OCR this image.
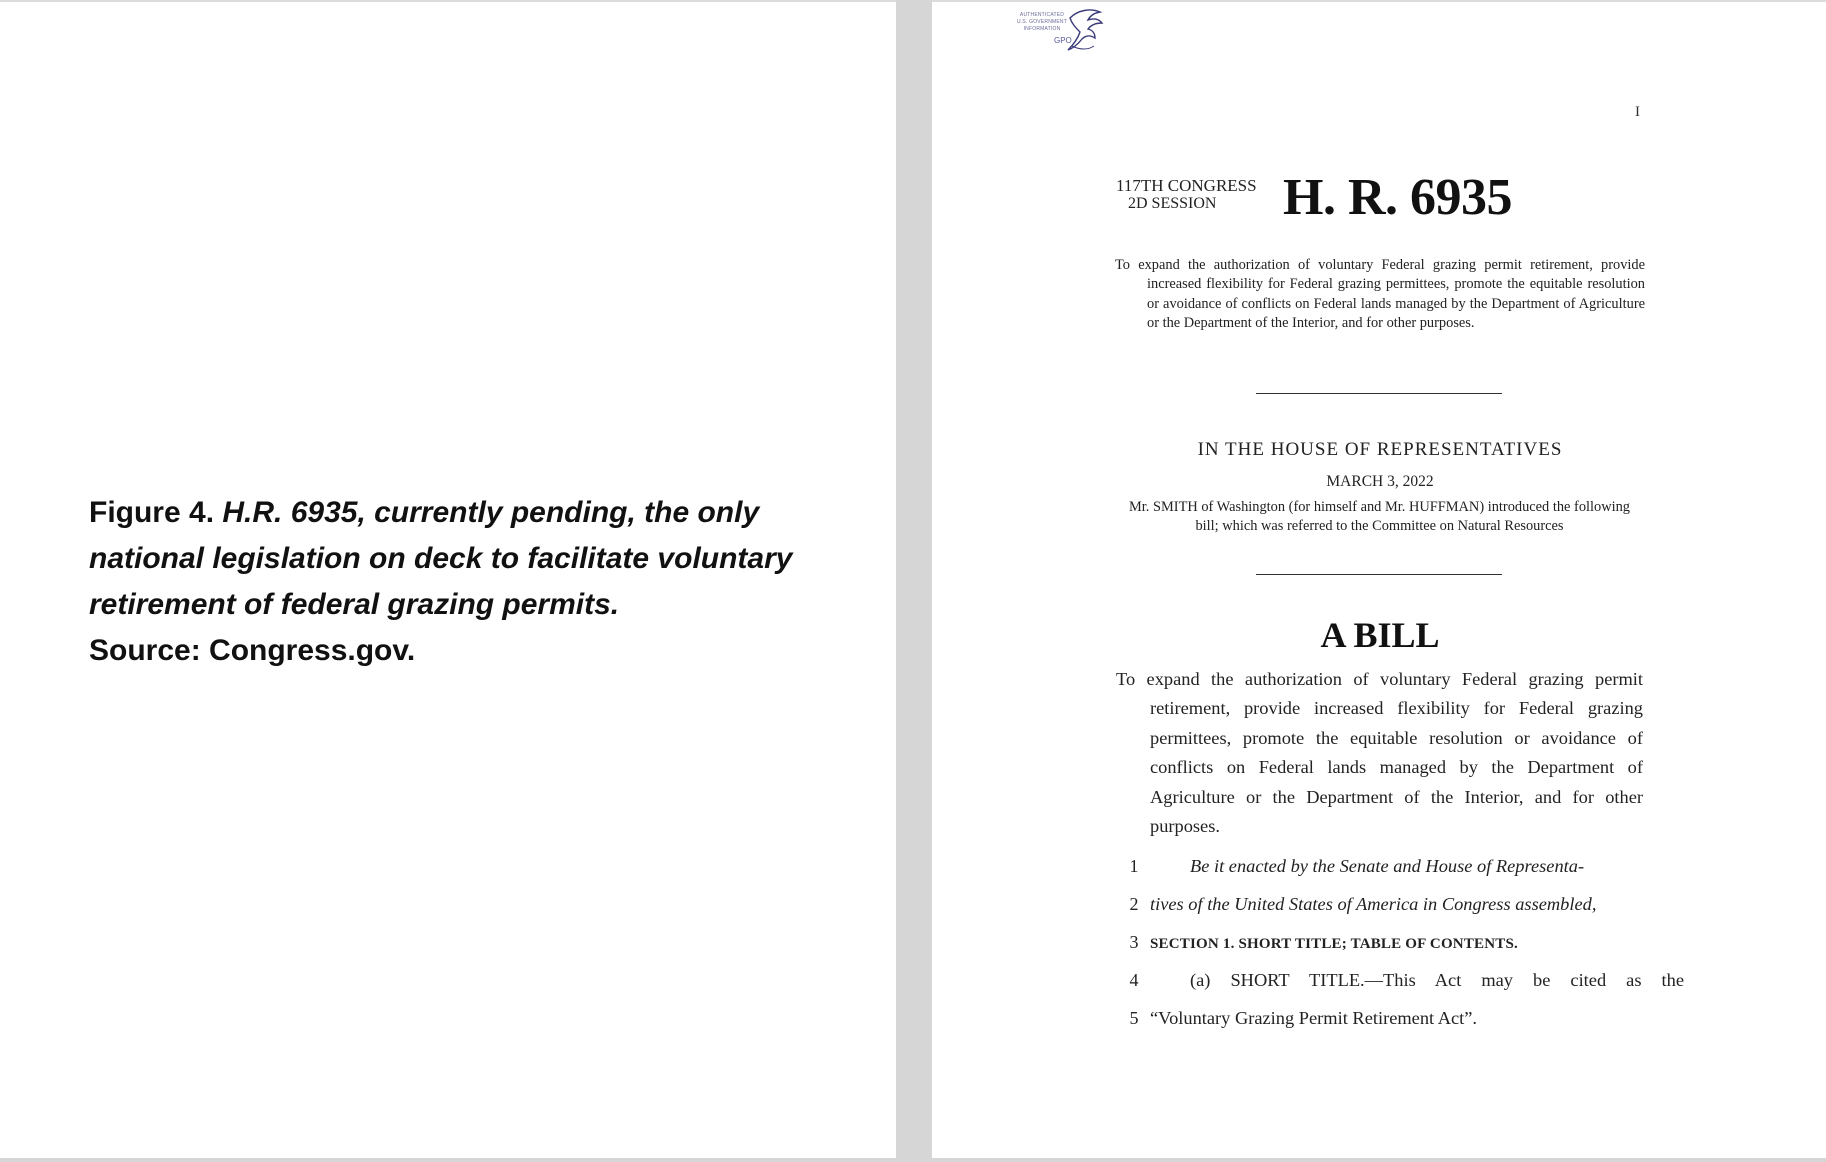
Figure 4. H.R. 6935, currently pending, the only national legislation on deck to facilitate voluntary retirement of federal grazing permits.
Source: Congress.gov.
AUTHENTICATED
U.S. GOVERNMENT
INFORMATION
GPO
I
117TH CONGRESS
2D SESSION H. R. 6935
To expand the authorization of voluntary Federal grazing permit retirement, provide increased flexibility for Federal grazing permittees, promote the equitable resolution or avoidance of conflicts on Federal lands managed by the Department of Agriculture or the Department of the Interior, and for other purposes.
IN THE HOUSE OF REPRESENTATIVES
MARCH 3, 2022
Mr. SMITH of Washington (for himself and Mr. HUFFMAN) introduced the following bill; which was referred to the Committee on Natural Resources
A BILL
To expand the authorization of voluntary Federal grazing permit retirement, provide increased flexibility for Federal grazing permittees, promote the equitable resolution or avoidance of conflicts on Federal lands managed by the Department of Agriculture or the Department of the Interior, and for other purposes.
1	Be it enacted by the Senate and House of Representa-
2 tives of the United States of America in Congress assembled,
3 SECTION 1. SHORT TITLE; TABLE OF CONTENTS.
4	(a) SHORT TITLE.—This Act may be cited as the
5 “Voluntary Grazing Permit Retirement Act”.
